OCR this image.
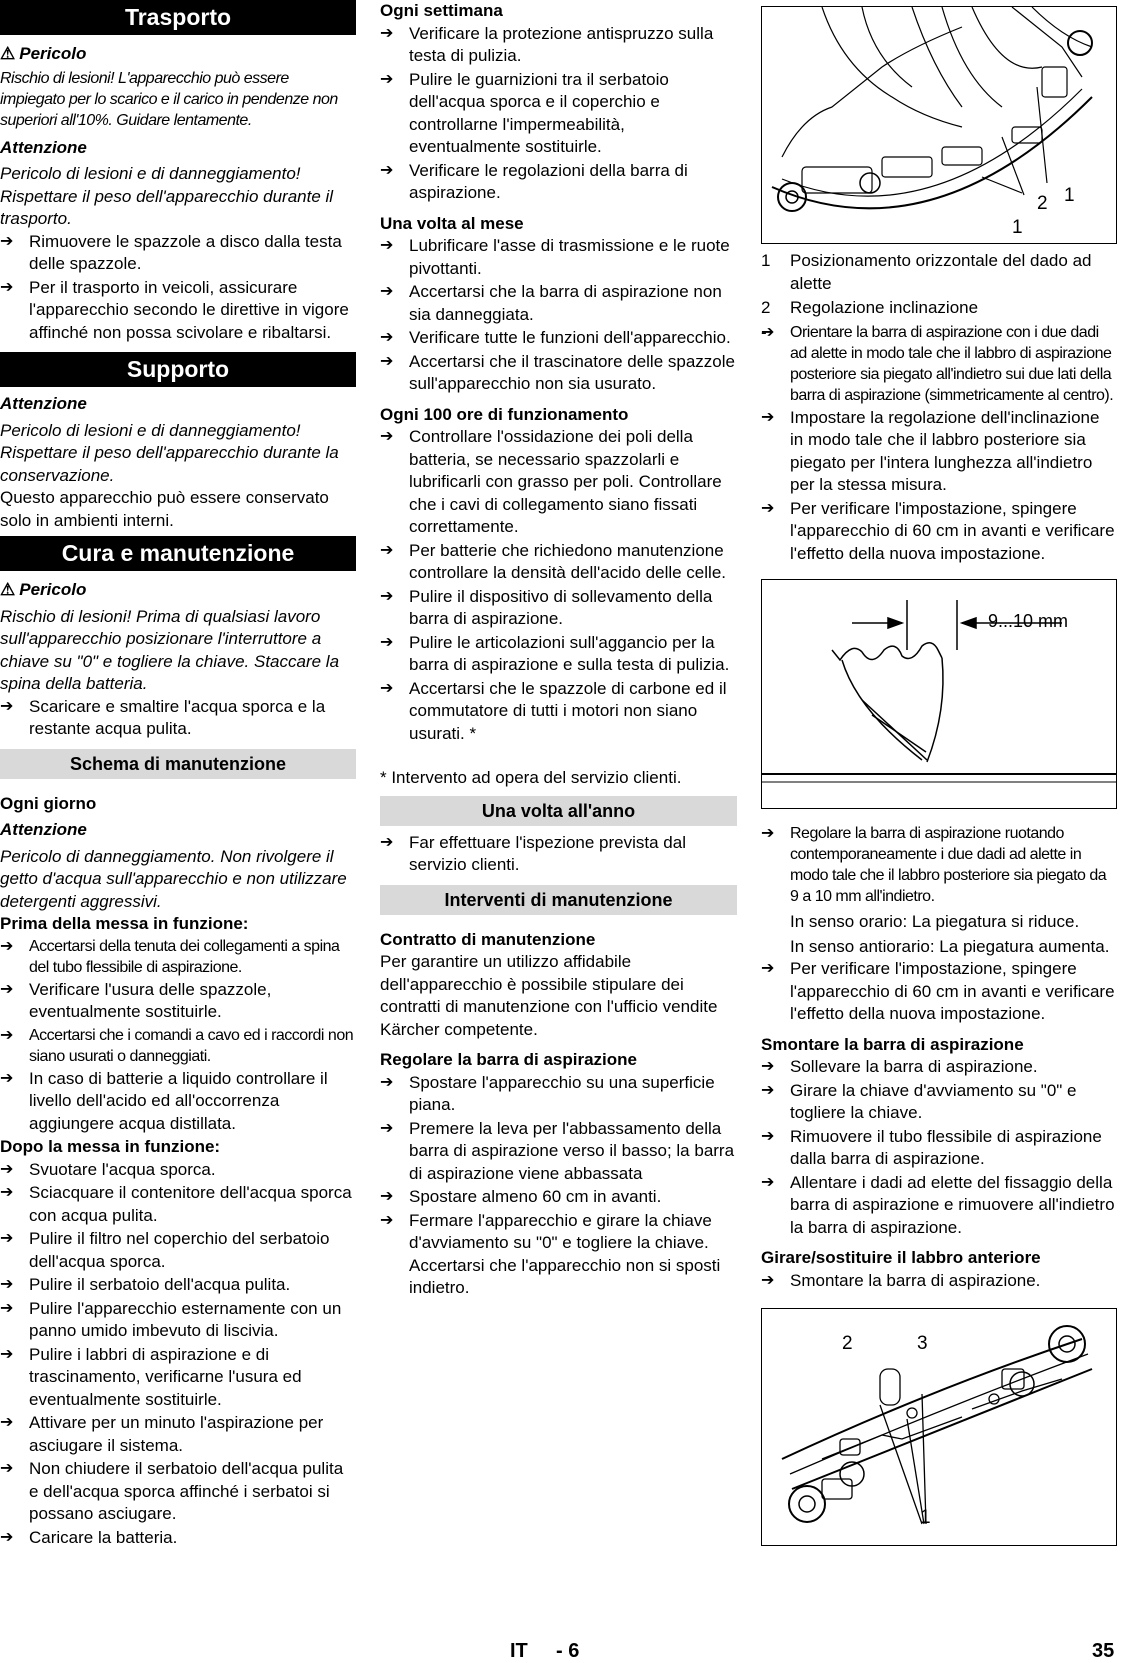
Trasporto
⚠ Pericolo

Rischio di lesioni! L'apparecchio può essere impiegato per lo scarico e il carico in pendenze non superiori all'10%. Guidare lentamente.

Attenzione

Pericolo di lesioni e di danneggiamento! Rispettare il peso dell'apparecchio durante il trasporto.

➔ Rimuovere le spazzole a disco dalla testa delle spazzole.
➔ Per il trasporto in veicoli, assicurare l'apparecchio secondo le direttive in vigore affinché non possa scivolare e ribaltarsi.
Supporto
Attenzione

Pericolo di lesioni e di danneggiamento! Rispettare il peso dell'apparecchio durante la conservazione.

Questo apparecchio può essere conservato solo in ambienti interni.

Cura e manutenzione
⚠ Pericolo

Rischio di lesioni! Prima di qualsiasi lavoro sull'apparecchio posizionare l'interruttore a chiave su "0" e togliere la chiave. Staccare la spina della batteria.

➔ Scaricare e smaltire l'acqua sporca e la restante acqua pulita.
Schema di manutenzione
Ogni giorno
Attenzione

Pericolo di danneggiamento. Non rivolgere il getto d'acqua sull'apparecchio e non utilizzare detergenti aggressivi.

Prima della messa in funzione:
➔ Accertarsi della tenuta dei collegamenti a spina del tubo flessibile di aspirazione.
➔ Verificare l'usura delle spazzole, eventualmente sostituirle.
➔ Accertarsi che i comandi a cavo ed i raccordi non siano usurati o danneggiati.
➔ In caso di batterie a liquido controllare il livello dell'acido ed all'occorrenza aggiungere acqua distillata.
Dopo la messa in funzione:
➔ Svuotare l'acqua sporca.
➔ Sciacquare il contenitore dell'acqua sporca con acqua pulita.
➔ Pulire il filtro nel coperchio del serbatoio dell'acqua sporca.
➔ Pulire il serbatoio dell'acqua pulita.
➔ Pulire l'apparecchio esternamente con un panno umido imbevuto di liscivia.
➔ Pulire i labbri di aspirazione e di trascinamento, verificarne l'usura ed eventualmente sostituirle.
➔ Attivare per un minuto l'aspirazione per asciugare il sistema.
➔ Non chiudere il serbatoio dell'acqua pulita e dell'acqua sporca affinché i serbatoi si possano asciugare.
➔ Caricare la batteria.
Ogni settimana
➔ Verificare la protezione antispruzzo sulla testa di pulizia.
➔ Pulire le guarnizioni tra il serbatoio dell'acqua sporca e il coperchio e controllarne l'impermeabilità, eventualmente sostituirle.
➔ Verificare le regolazioni della barra di aspirazione.
Una volta al mese
➔ Lubrificare l'asse di trasmissione e le ruote pivottanti.
➔ Accertarsi che la barra di aspirazione non sia danneggiata.
➔ Verificare tutte le funzioni dell'apparecchio.
➔ Accertarsi che il trascinatore delle spazzole sull'apparecchio non sia usurato.
Ogni 100 ore di funzionamento
➔ Controllare l'ossidazione dei poli della batteria, se necessario spazzolarli e lubrificarli con grasso per poli. Controllare che i cavi di collegamento siano fissati correttamente.
➔ Per batterie che richiedono manutenzione controllare la densità dell'acido delle celle.
➔ Pulire il dispositivo di sollevamento della barra di aspirazione.
➔ Pulire le articolazioni sull'aggancio per la barra di aspirazione e sulla testa di pulizia.
➔ Accertarsi che le spazzole di carbone ed il commutatore di tutti i motori non siano usurati. *

* Intervento ad opera del servizio clienti.

Una volta all'anno
➔ Far effettuare l'ispezione prevista dal servizio clienti.
Interventi di manutenzione
Contratto di manutenzione

Per garantire un utilizzo affidabile dell'apparecchio è possibile stipulare dei contratti di manutenzione con l'ufficio vendite Kärcher competente.

Regolare la barra di aspirazione
➔ Spostare l'apparecchio su una superficie piana.
➔ Premere la leva per l'abbassamento della barra di aspirazione verso il basso; la barra di aspirazione viene abbassata
➔ Spostare almeno 60 cm in avanti.
➔ Fermare l'apparecchio e girare la chiave d'avviamento su "0" e togliere la chiave. Accertarsi che l'apparecchio non si sposti indietro.
2 1
1
1 Posizionamento orizzontale del dado ad alette
2 Regolazione inclinazione
-
➔	Orientare la barra di aspirazione con i due dadi ad alette in modo tale che il labbro di aspirazione posteriore sia piegato all'indietro sui due lati della barra di aspirazione (simmetricamente al centro).
➔ Impostare la regolazione dell'inclinazione in modo tale che il labbro posteriore sia piegato per l'intera lunghezza all'indietro per la stessa misura.
➔ Per verificare l'impostazione, spingere l'apparecchio di 60 cm in avanti e verificare l'effetto della nuova impostazione.
9...10 mm
➔ Regolare la barra di aspirazione ruotando contemporaneamente i due dadi ad alette in modo tale che il labbro posteriore sia piegato da 9 a 10 mm all'indietro.

In senso orario: La piegatura si riduce.

In senso antiorario: La piegatura aumenta.

➔ Per verificare l'impostazione, spingere l'apparecchio di 60 cm in avanti e verificare l'effetto della nuova impostazione.
Smontare la barra di aspirazione
➔ Sollevare la barra di aspirazione.
➔ Girare la chiave d'avviamento su "0" e togliere la chiave.
➔ Rimuovere il tubo flessibile di aspirazione dalla barra di aspirazione.
➔ Allentare i dadi ad elette del fissaggio della barra di aspirazione e rimuovere all'indietro la barra di aspirazione.
Girare/sostituire il labbro anteriore
➔ Smontare la barra di aspirazione.
2	3
1
IT - 6	35
